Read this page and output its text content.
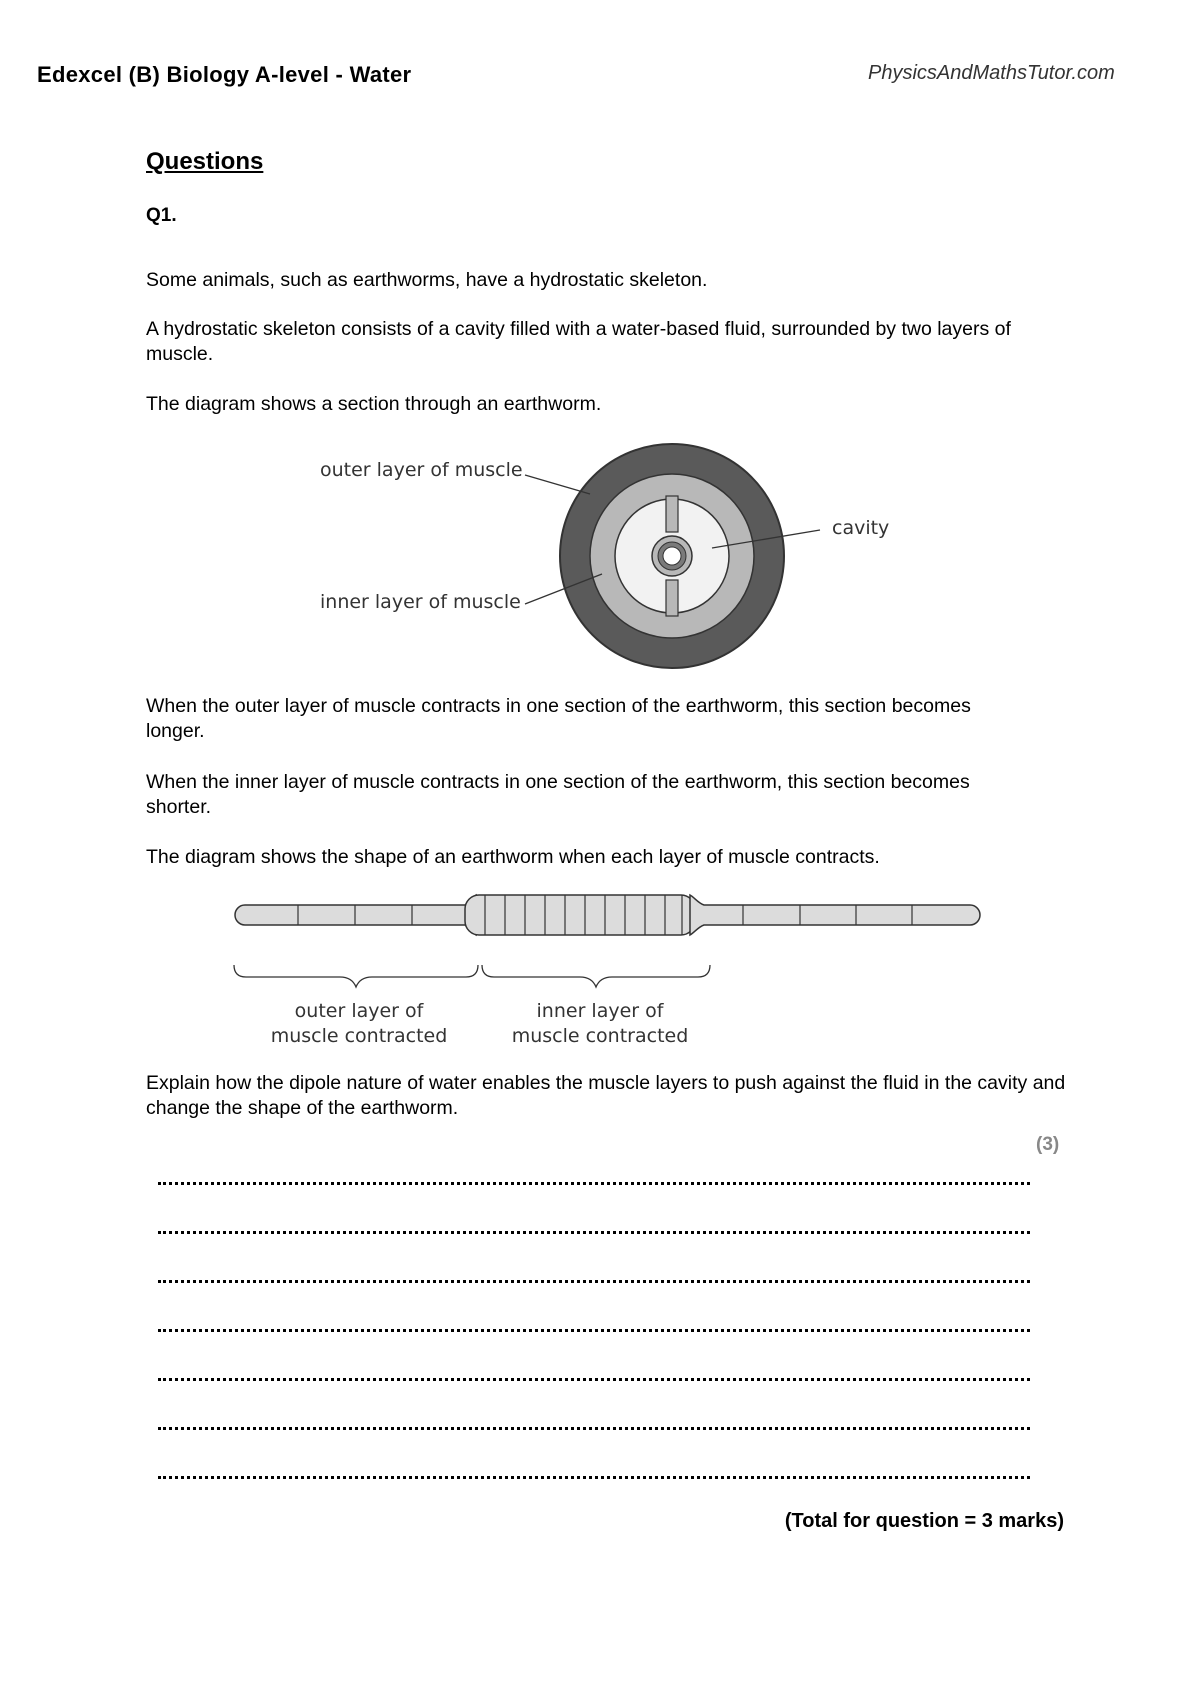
Edexcel (B) Biology A-level - Water	PhysicsAndMathsTutor.com
Questions
Q1.
Some animals, such as earthworms, have a hydrostatic skeleton.
A hydrostatic skeleton consists of a cavity filled with a water-based fluid, surrounded by two layers of muscle.
The diagram shows a section through an earthworm.
outer layer of muscle
inner layer of muscle
cavity
When the outer layer of muscle contracts in one section of the earthworm, this section becomes longer.
When the inner layer of muscle contracts in one section of the earthworm, this section becomes shorter.
The diagram shows the shape of an earthworm when each layer of muscle contracts.
outer layer of
muscle contracted
inner layer of
muscle contracted
Explain how the dipole nature of water enables the muscle layers to push against the fluid in the cavity and change the shape of the earthworm.
(3)
(Total for question = 3 marks)
